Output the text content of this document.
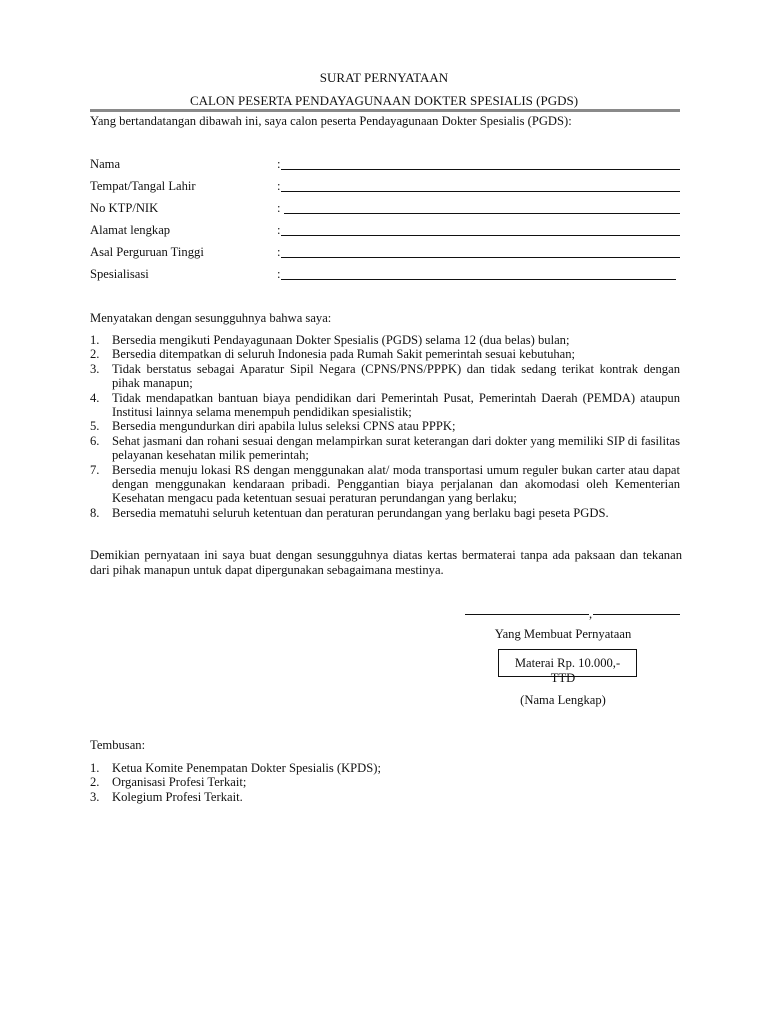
SURAT PERNYATAAN
CALON PESERTA PENDAYAGUNAAN DOKTER SPESIALIS (PGDS)
Yang bertandatangan dibawah ini, saya calon peserta Pendayagunaan Dokter Spesialis (PGDS):
Nama	:
Tempat/Tangal Lahir	:
No KTP/NIK	:
Alamat lengkap	:
Asal Perguruan Tinggi	:
Spesialisasi	:
Menyatakan dengan sesungguhnya bahwa saya:
1. Bersedia mengikuti Pendayagunaan Dokter Spesialis (PGDS) selama 12 (dua belas) bulan;
2. Bersedia ditempatkan di seluruh Indonesia pada Rumah Sakit pemerintah sesuai kebutuhan;
3. Tidak berstatus sebagai Aparatur Sipil Negara (CPNS/PNS/PPPK) dan tidak sedang terikat kontrak dengan pihak manapun;
4. Tidak mendapatkan bantuan biaya pendidikan dari Pemerintah Pusat, Pemerintah Daerah (PEMDA) ataupun Institusi lainnya selama menempuh pendidikan spesialistik;
5. Bersedia mengundurkan diri apabila lulus seleksi CPNS atau PPPK;
6. Sehat jasmani dan rohani sesuai dengan melampirkan surat keterangan dari dokter yang memiliki SIP di fasilitas pelayanan kesehatan milik pemerintah;
7. Bersedia menuju lokasi RS dengan menggunakan alat/ moda transportasi umum reguler bukan carter atau dapat dengan menggunakan kendaraan pribadi. Penggantian biaya perjalanan dan akomodasi oleh Kementerian Kesehatan mengacu pada ketentuan sesuai peraturan perundangan yang berlaku;
8. Bersedia mematuhi seluruh ketentuan dan peraturan perundangan yang berlaku bagi peseta PGDS.
Demikian pernyataan ini saya buat dengan sesungguhnya diatas kertas bermaterai tanpa ada paksaan dan tekanan dari pihak manapun untuk dapat dipergunakan sebagaimana mestinya.
,
Yang Membuat Pernyataan
Materai Rp. 10.000,-
TTD
(Nama Lengkap)
Tembusan:
1. Ketua Komite Penempatan Dokter Spesialis (KPDS);
2. Organisasi Profesi Terkait;
3. Kolegium Profesi Terkait.
